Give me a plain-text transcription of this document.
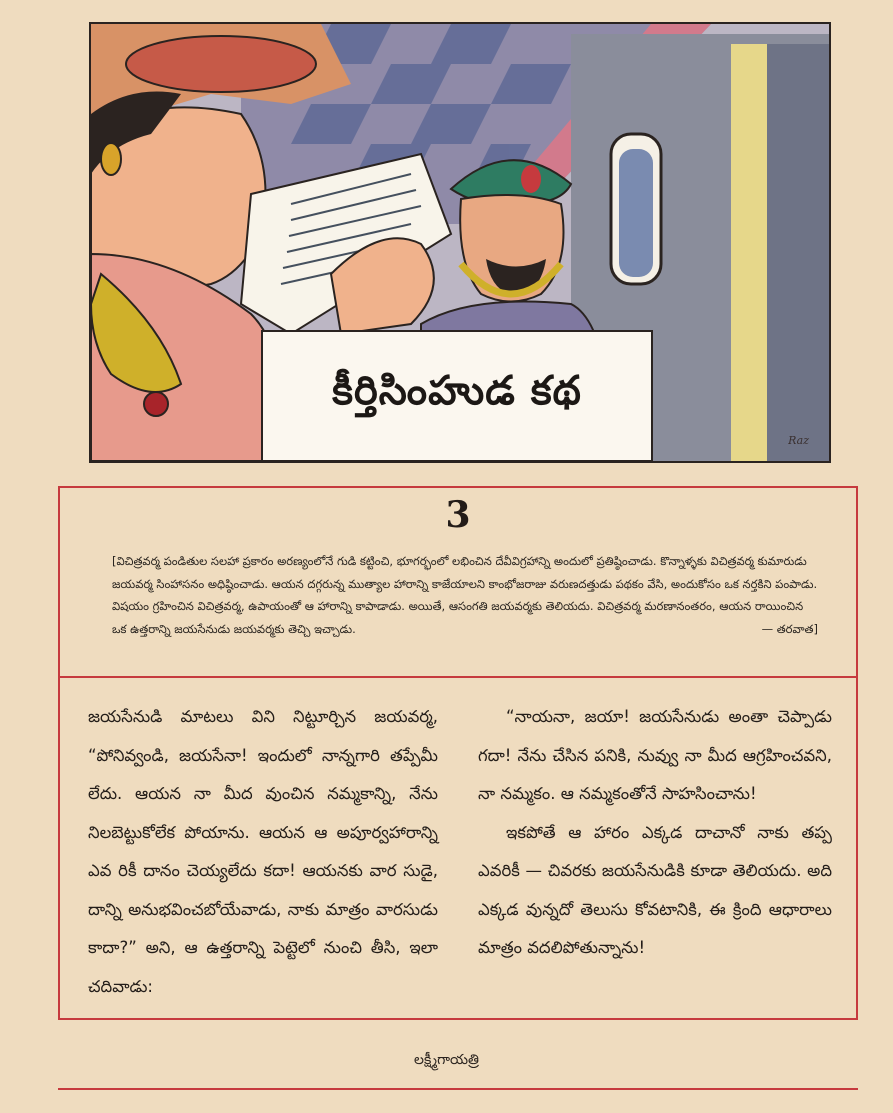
కీర్తిసింహుడ కథ
Raz
3
[విచిత్రవర్మ పండితుల సలహా ప్రకారం అరణ్యంలోనే గుడి కట్టించి, భూగర్భంలో లభించిన దేవీవిగ్రహాన్ని అందులో ప్రతిష్ఠించాడు. కొన్నాళ్ళకు విచిత్రవర్మ కుమారుడు జయవర్మ సింహాసనం అధిష్ఠించాడు. ఆయన దగ్గరున్న ముత్యాల హారాన్ని కాజేయాలని కాంభోజరాజు వరుణదత్తుడు పథకం వేసి, అందుకోసం ఒక నర్తకిని పంపాడు. విషయం గ్రహించిన విచిత్రవర్మ, ఉపాయంతో ఆ హారాన్ని కాపాడాడు. అయితే, ఆసంగతి జయవర్మకు తెలియదు. విచిత్రవర్మ మరణానంతరం, ఆయన రాయించిన ఒక ఉత్తరాన్ని జయసేనుడు జయవర్మకు తెచ్చి ఇచ్చాడు.	— తరవాత]

జయసేనుడి మాటలు విని నిట్టూర్చిన జయవర్మ, “పోనివ్వండి, జయసేనా! ఇందులో నాన్నగారి తప్పేమీ లేదు. ఆయన నా మీద వుంచిన నమ్మకాన్ని, నేను నిలబెట్టుకోలేక పోయాను. ఆయన ఆ అపూర్వహారాన్ని ఎవ రికీ దానం చెయ్యలేదు కదా! ఆయనకు వార సుడై, దాన్ని అనుభవించబోయేవాడు, నాకు మాత్రం వారసుడు కాదా?” అని, ఆ ఉత్తరాన్ని పెట్టెలో నుంచి తీసి, ఇలా చదివాడు:

“నాయనా, జయా! జయసేనుడు అంతా చెప్పాడు గదా! నేను చేసిన పనికి, నువ్వు నా మీద ఆగ్రహించవని, నా నమ్మకం. ఆ నమ్మకంతోనే సాహసించాను!

ఇకపోతే ఆ హారం ఎక్కడ దాచానో నాకు తప్ప ఎవరికీ — చివరకు జయసేనుడికి కూడా తెలియదు. అది ఎక్కడ వున్నదో తెలుసు కోవటానికి, ఈ క్రింది ఆధారాలు మాత్రం వదలిపోతున్నాను!

లక్ష్మీగాయత్రి
